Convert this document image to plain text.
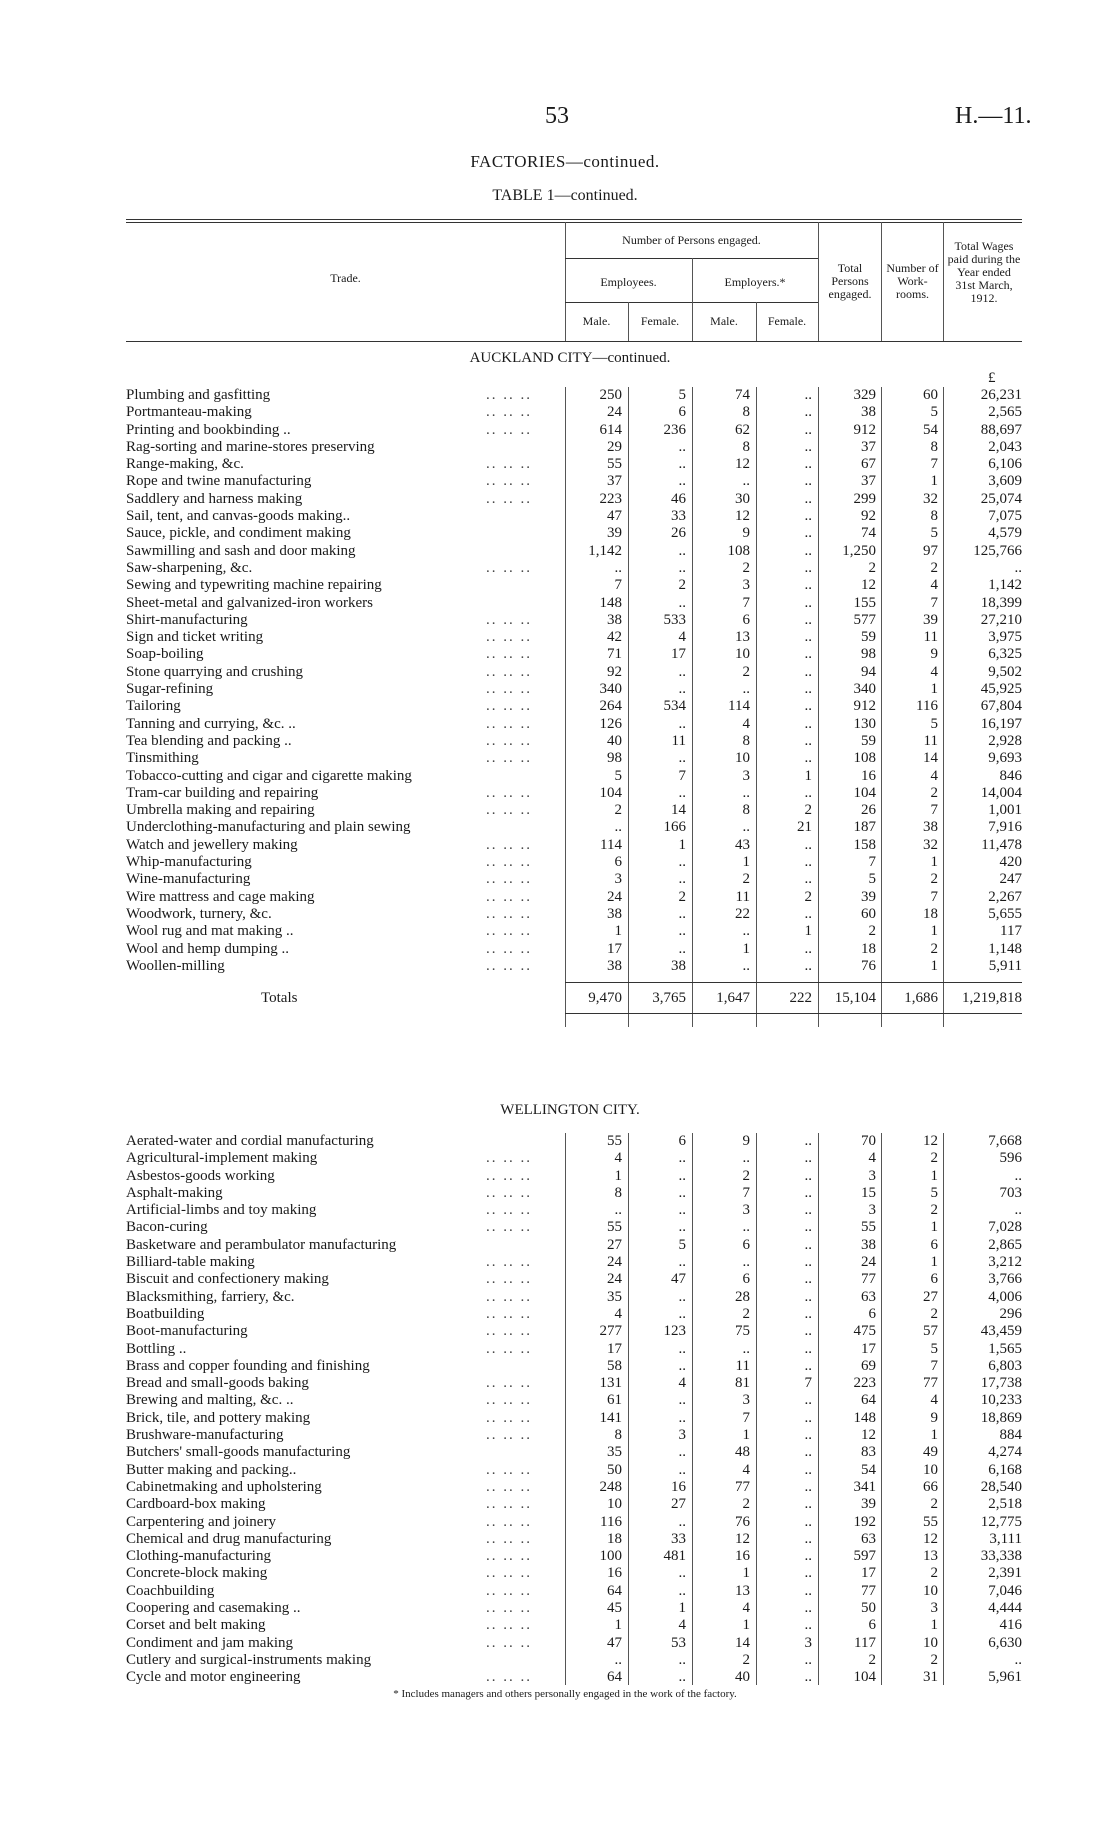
53	H.—11.
FACTORIES—continued.
TABLE 1—continued.
Trade.
Number of Persons engaged.
Employees.	Employers.*
Male.	Female.	Male.	Female.
Total Persons engaged.
Number of Work-rooms.
Total Wages paid during the Year ended 31st March, 1912.
AUCKLAND CITY—continued.
£
Plumbing and gasfitting	.. .. ..	250	5	74	..	329	60	26,231
Portmanteau-making	.. .. ..	24	6	8	..	38	5	2,565
Printing and bookbinding ..	.. .. ..	614	236	62	..	912	54	88,697
Rag-sorting and marine-stores preserving	29	..	8	..	37	8	2,043
Range-making, &c.	.. .. ..	55	..	12	..	67	7	6,106
Rope and twine manufacturing	.. .. ..	37	..	..	..	37	1	3,609
Saddlery and harness making	.. .. ..	223	46	30	..	299	32	25,074
Sail, tent, and canvas-goods making..	47	33	12	..	92	8	7,075
Sauce, pickle, and condiment making	39	26	9	..	74	5	4,579
Sawmilling and sash and door making	1,142	..	108	.. 1,250	97 125,766
Saw-sharpening, &c.	.. .. ..	..	..	2	..	2	2	..
Sewing and typewriting machine repairing	7	2	3	..	12	4	1,142
Sheet-metal and galvanized-iron workers	148	..	7	..	155	7	18,399
Shirt-manufacturing	.. .. ..	38	533	6	..	577	39	27,210
Sign and ticket writing	.. .. ..	42	4	13	..	59	11	3,975
Soap-boiling	.. .. ..	71	17	10	..	98	9	6,325
Stone quarrying and crushing	.. .. ..	92	..	2	..	94	4	9,502
Sugar-refining	.. .. ..	340	..	..	..	340	1	45,925
Tailoring	.. .. ..	264	534	114	..	912	116	67,804
Tanning and currying, &c. ..	.. .. ..	126	..	4	..	130	5	16,197
Tea blending and packing ..	.. .. ..	40	11	8	..	59	11	2,928
Tinsmithing	.. .. ..	98	..	10	..	108	14	9,693
Tobacco-cutting and cigar and cigarette making	5	7	3	1	16	4	846
Tram-car building and repairing	.. .. ..	104	..	..	..	104	2	14,004
Umbrella making and repairing	.. .. ..	2	14	8	2	26	7	1,001
Underclothing-manufacturing and plain sewing	..	166	..	21	187	38	7,916
Watch and jewellery making	.. .. ..	114	1	43	..	158	32	11,478
Whip-manufacturing	.. .. ..	6	..	1	..	7	1	420
Wine-manufacturing	.. .. ..	3	..	2	..	5	2	247
Wire mattress and cage making	.. .. ..	24	2	11	2	39	7	2,267
Woodwork, turnery, &c.	.. .. ..	38	..	22	..	60	18	5,655
Wool rug and mat making ..	.. .. ..	1	..	..	1	2	1	117
Wool and hemp dumping ..	.. .. ..	17	..	1	..	18	2	1,148
Woollen-milling	.. .. ..	38	38	..	..	76	1	5,911
Totals	9,470 3,765 1,647	222 15,104 1,686 1,219,818
WELLINGTON CITY.
Aerated-water and cordial manufacturing	55	6	9	..	70	12	7,668
Agricultural-implement making	.. .. ..	4	..	..	..	4	2	596
Asbestos-goods working	.. .. ..	1	..	2	..	3	1	..
Asphalt-making	.. .. ..	8	..	7	..	15	5	703
Artificial-limbs and toy making	.. .. ..	..	..	3	..	3	2	..
Bacon-curing	.. .. ..	55	..	..	..	55	1	7,028
Basketware and perambulator manufacturing	27	5	6	..	38	6	2,865
Billiard-table making	.. .. ..	24	..	..	..	24	1	3,212
Biscuit and confectionery making	.. .. ..	24	47	6	..	77	6	3,766
Blacksmithing, farriery, &c.	.. .. ..	35	..	28	..	63	27	4,006
Boatbuilding	.. .. ..	4	..	2	..	6	2	296
Boot-manufacturing	.. .. ..	277	123	75	..	475	57	43,459
Bottling ..	.. .. ..	17	..	..	..	17	5	1,565
Brass and copper founding and finishing	58	..	11	..	69	7	6,803
Bread and small-goods baking	.. .. ..	131	4	81	7	223	77	17,738
Brewing and malting, &c. ..	.. .. ..	61	..	3	..	64	4	10,233
Brick, tile, and pottery making	.. .. ..	141	..	7	..	148	9	18,869
Brushware-manufacturing	.. .. ..	8	3	1	..	12	1	884
Butchers' small-goods manufacturing	35	..	48	..	83	49	4,274
Butter making and packing..	.. .. ..	50	..	4	..	54	10	6,168
Cabinetmaking and upholstering	.. .. ..	248	16	77	..	341	66	28,540
Cardboard-box making	.. .. ..	10	27	2	..	39	2	2,518
Carpentering and joinery	.. .. ..	116	..	76	..	192	55	12,775
Chemical and drug manufacturing	.. .. ..	18	33	12	..	63	12	3,111
Clothing-manufacturing	.. .. ..	100	481	16	..	597	13	33,338
Concrete-block making	.. .. ..	16	..	1	..	17	2	2,391
Coachbuilding	.. .. ..	64	..	13	..	77	10	7,046
Coopering and casemaking ..	.. .. ..	45	1	4	..	50	3	4,444
Corset and belt making	.. .. ..	1	4	1	..	6	1	416
Condiment and jam making	.. .. ..	47	53	14	3	117	10	6,630
Cutlery and surgical-instruments making	..	..	2	..	2	2	..
Cycle and motor engineering	.. .. ..	64	..	40	..	104	31	5,961
* Includes managers and others personally engaged in the work of the factory.
